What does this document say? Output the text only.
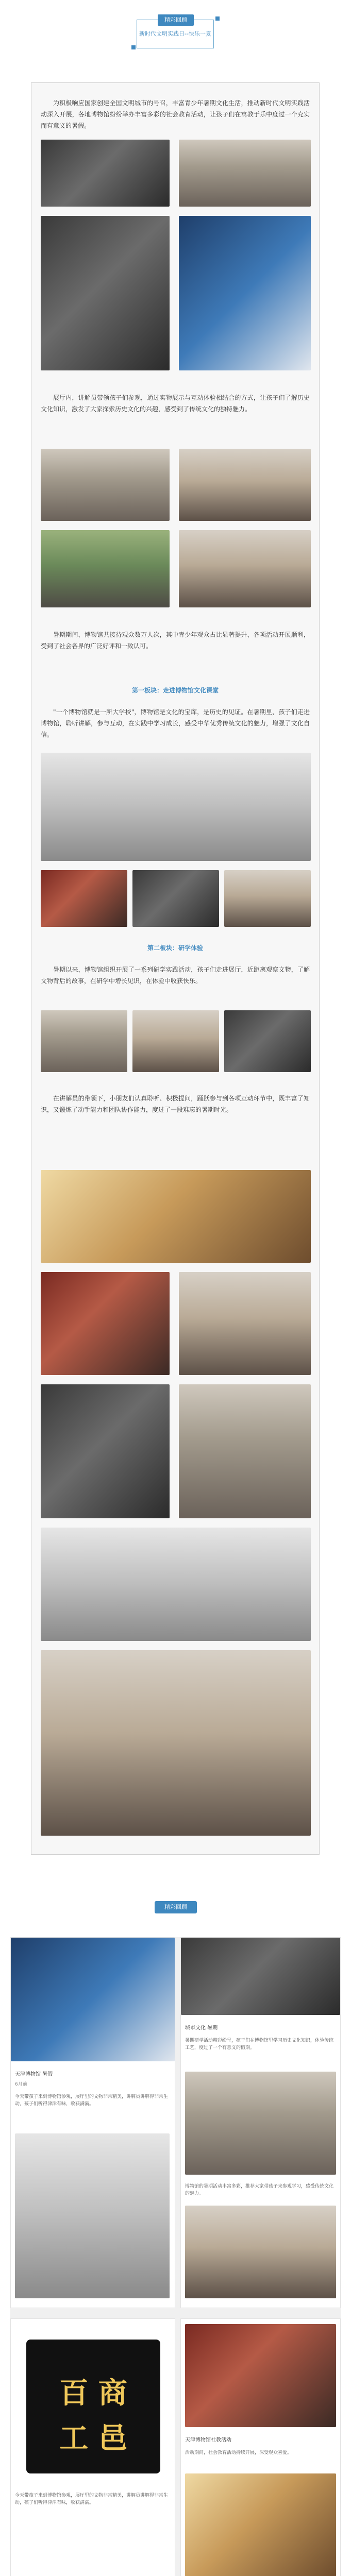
精彩回顾
新时代文明实践日--快乐一夏

为积极响应国家创建全国文明城市的号召，丰富青少年暑期文化生活，推动新时代文明实践活动深入开展，各地博物馆纷纷举办丰富多彩的社会教育活动，让孩子们在寓教于乐中度过一个充实而有意义的暑假。

展厅内，讲解员带领孩子们参观，通过实物展示与互动体验相结合的方式，让孩子们了解历史文化知识，激发了大家探索历史文化的兴趣，感受到了传统文化的独特魅力。

暑期期间，博物馆共接待观众数万人次，其中青少年观众占比显著提升，各项活动开展顺利，受到了社会各界的广泛好评和一致认可。

第一板块：走进博物馆文化课堂

"一个博物馆就是一所大学校"，博物馆是文化的宝库，是历史的见证。在暑期里，孩子们走进博物馆，聆听讲解，参与互动，在实践中学习成长，感受中华优秀传统文化的魅力，增强了文化自信。

第二板块：研学体验

暑期以来，博物馆组织开展了一系列研学实践活动，孩子们走进展厅，近距离观察文物，了解文物背后的故事，在研学中增长见识，在体验中收获快乐。

在讲解员的带领下，小朋友们认真聆听、积极提问，踊跃参与到各项互动环节中，既丰富了知识，又锻炼了动手能力和团队协作能力，度过了一段难忘的暑期时光。

精彩回顾
天津博物馆 暑假
6月前
今天带孩子来到博物馆参观，展厅里的文物非常精美，讲解员讲解得非常生动，孩子们听得津津有味，收获满满。
城市文化 暑期
暑期研学活动精彩纷呈，孩子们在博物馆里学习历史文化知识，体验传统工艺，度过了一个有意义的假期。
博物馆的暑期活动丰富多彩，推荐大家带孩子来参观学习，感受传统文化的魅力。
百 商
工 邑
今天带孩子来到博物馆参观，展厅里的文物非常精美，讲解员讲解得非常生动，孩子们听得津津有味，收获满满。
天津博物馆社教活动
活动期间，社会教育活动持续开展，深受观众喜爱。
